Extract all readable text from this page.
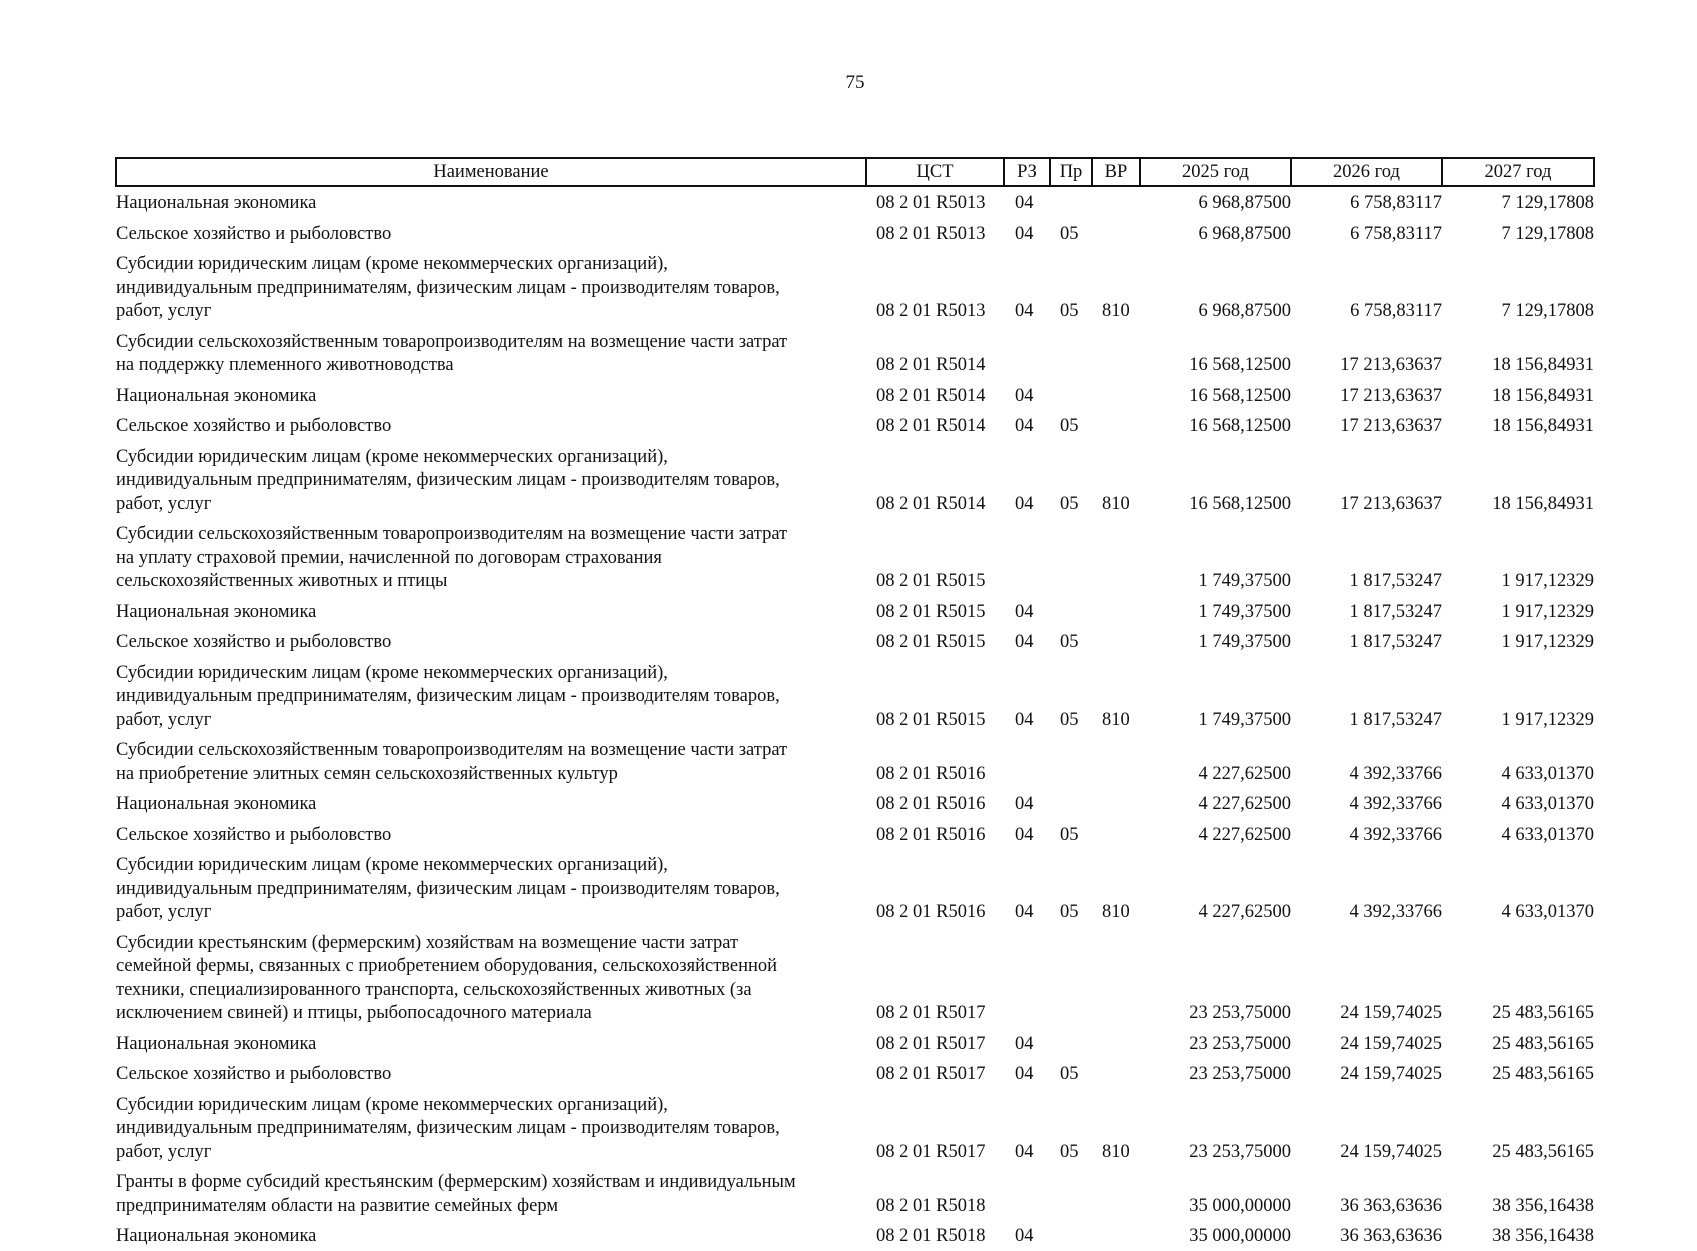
75
Наименование	ЦСТ	РЗ	Пр	ВР	2025 год	2026 год	2027 год

Национальная экономика	08 2 01 R5013	04			6 968,87500	6 758,83117	7 129,17808

Сельское хозяйство и рыболовство	08 2 01 R5013	04	05		6 968,87500	6 758,83117	7 129,17808

Субсидии юридическим лицам (кроме некоммерческих организаций),
индивидуальным предпринимателям, физическим лицам - производителям товаров,
работ, услуг	08 2 01 R5013	04	05	810	6 968,87500	6 758,83117	7 129,17808

Субсидии сельскохозяйственным товаропроизводителям на возмещение части затрат
на поддержку племенного животноводства	08 2 01 R5014				16 568,12500	17 213,63637	18 156,84931

Национальная экономика	08 2 01 R5014	04			16 568,12500	17 213,63637	18 156,84931

Сельское хозяйство и рыболовство	08 2 01 R5014	04	05		16 568,12500	17 213,63637	18 156,84931

Субсидии юридическим лицам (кроме некоммерческих организаций),
индивидуальным предпринимателям, физическим лицам - производителям товаров,
работ, услуг	08 2 01 R5014	04	05	810	16 568,12500	17 213,63637	18 156,84931

Субсидии сельскохозяйственным товаропроизводителям на возмещение части затрат
на уплату страховой премии, начисленной по договорам страхования
сельскохозяйственных животных и птицы	08 2 01 R5015				1 749,37500	1 817,53247	1 917,12329

Национальная экономика	08 2 01 R5015	04			1 749,37500	1 817,53247	1 917,12329

Сельское хозяйство и рыболовство	08 2 01 R5015	04	05		1 749,37500	1 817,53247	1 917,12329

Субсидии юридическим лицам (кроме некоммерческих организаций),
индивидуальным предпринимателям, физическим лицам - производителям товаров,
работ, услуг	08 2 01 R5015	04	05	810	1 749,37500	1 817,53247	1 917,12329

Субсидии сельскохозяйственным товаропроизводителям на возмещение части затрат
на приобретение элитных семян сельскохозяйственных культур	08 2 01 R5016				4 227,62500	4 392,33766	4 633,01370

Национальная экономика	08 2 01 R5016	04			4 227,62500	4 392,33766	4 633,01370

Сельское хозяйство и рыболовство	08 2 01 R5016	04	05		4 227,62500	4 392,33766	4 633,01370

Субсидии юридическим лицам (кроме некоммерческих организаций),
индивидуальным предпринимателям, физическим лицам - производителям товаров,
работ, услуг	08 2 01 R5016	04	05	810	4 227,62500	4 392,33766	4 633,01370

Субсидии крестьянским (фермерским) хозяйствам на возмещение части затрат
семейной фермы, связанных с приобретением оборудования, сельскохозяйственной
техники, специализированного транспорта, сельскохозяйственных животных (за
исключением свиней) и птицы, рыбопосадочного материала	08 2 01 R5017				23 253,75000	24 159,74025	25 483,56165

Национальная экономика	08 2 01 R5017	04			23 253,75000	24 159,74025	25 483,56165

Сельское хозяйство и рыболовство	08 2 01 R5017	04	05		23 253,75000	24 159,74025	25 483,56165

Субсидии юридическим лицам (кроме некоммерческих организаций),
индивидуальным предпринимателям, физическим лицам - производителям товаров,
работ, услуг	08 2 01 R5017	04	05	810	23 253,75000	24 159,74025	25 483,56165

Гранты в форме субсидий крестьянским (фермерским) хозяйствам и индивидуальным
предпринимателям области на развитие семейных ферм	08 2 01 R5018				35 000,00000	36 363,63636	38 356,16438

Национальная экономика	08 2 01 R5018	04			35 000,00000	36 363,63636	38 356,16438
